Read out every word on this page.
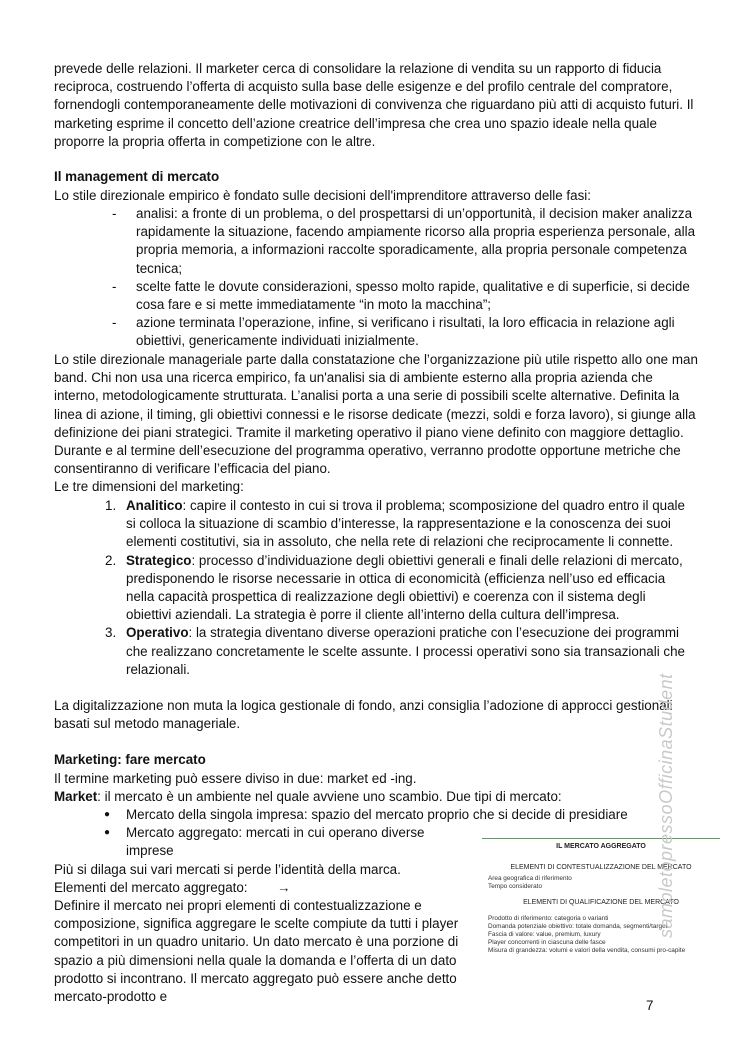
prevede delle relazioni. Il marketer cerca di consolidare la relazione di vendita su un rapporto di fiducia reciproca, costruendo l’offerta di acquisto sulla base delle esigenze e del profilo centrale del compratore, fornendogli contemporaneamente delle motivazioni di convivenza che riguardano più atti di acquisto futuri. Il marketing esprime il concetto dell’azione creatrice dell’impresa che crea uno spazio ideale nella quale proporre la propria offerta in competizione con le altre.

Il management di mercato

Lo stile direzionale empirico è fondato sulle decisioni dell'imprenditore attraverso delle fasi:

- analisi: a fronte di un problema, o del prospettarsi di un’opportunità, il decision maker analizza rapidamente la situazione, facendo ampiamente ricorso alla propria esperienza personale, alla propria memoria, a informazioni raccolte sporadicamente, alla propria personale competenza tecnica;
- scelte fatte le dovute considerazioni, spesso molto rapide, qualitative e di superficie, si decide cosa fare e si mette immediatamente “in moto la macchina”;
- azione terminata l’operazione, infine, si verificano i risultati, la loro efficacia in relazione agli obiettivi, genericamente individuati inizialmente.

Lo stile direzionale manageriale parte dalla constatazione che l’organizzazione più utile rispetto allo one man band. Chi non usa una ricerca empirico, fa un'analisi sia di ambiente esterno alla propria azienda che interno, metodologicamente strutturata. L’analisi porta a una serie di possibili scelte alternative. Definita la linea di azione, il timing, gli obiettivi connessi e le risorse dedicate (mezzi, soldi e forza lavoro), si giunge alla definizione dei piani strategici. Tramite il marketing operativo il piano viene definito con maggiore dettaglio. Durante e al termine dell’esecuzione del programma operativo, verranno prodotte opportune metriche che consentiranno di verificare l’efficacia del piano.

Le tre dimensioni del marketing:

1. Analitico: capire il contesto in cui si trova il problema; scomposizione del quadro entro il quale si colloca la situazione di scambio d’interesse, la rappresentazione e la conoscenza dei suoi elementi costitutivi, sia in assoluto, che nella rete di relazioni che reciprocamente li connette.
2. Strategico: processo d’individuazione degli obiettivi generali e finali delle relazioni di mercato, predisponendo le risorse necessarie in ottica di economicità (efficienza nell’uso ed efficacia nella capacità prospettica di realizzazione degli obiettivi) e coerenza con il sistema degli obiettivi aziendali. La strategia è porre il cliente all’interno della cultura dell’impresa.
3. Operativo: la strategia diventano diverse operazioni pratiche con l’esecuzione dei programmi che realizzano concretamente le scelte assunte. I processi operativi sono sia transazionali che relazionali.

La digitalizzazione non muta la logica gestionale di fondo, anzi consiglia l’adozione di approcci gestionali basati sul metodo manageriale.

Marketing: fare mercato

Il termine marketing può essere diviso in due: market ed -ing.

Market: il mercato è un ambiente nel quale avviene uno scambio. Due tipi di mercato:

● Mercato della singola impresa: spazio del mercato proprio che si decide di presidiare
● Mercato aggregato: mercati in cui operano diverse imprese

Più si dilaga sui vari mercati si perde l’identità della marca.

Elementi del mercato aggregato: →

Definire il mercato nei propri elementi di contestualizzazione e composizione, significa aggregare le scelte compiute da tutti i player competitori in un quadro unitario. Un dato mercato è una porzione di spazio a più dimensioni nella quale la domanda e l’offerta di un dato prodotto si incontrano. Il mercato aggregato può essere anche detto mercato-prodotto e

IL MERCATO AGGREGATO
ELEMENTI DI CONTESTUALIZZAZIONE DEL MERCATO
Area geografica di riferimento
Tempo considerato
ELEMENTI DI QUALIFICAZIONE DEL MERCATO
Prodotto di riferimento: categoria o varianti
Domanda potenziale obiettivo: totale domanda, segmenti/target
Fascia di valore: value, premium, luxury
Player concorrenti in ciascuna delle fasce
Misura di grandezza: volumi e valori della vendita, consumi pro-capite
sampletopressoOfficinaStudent
7
